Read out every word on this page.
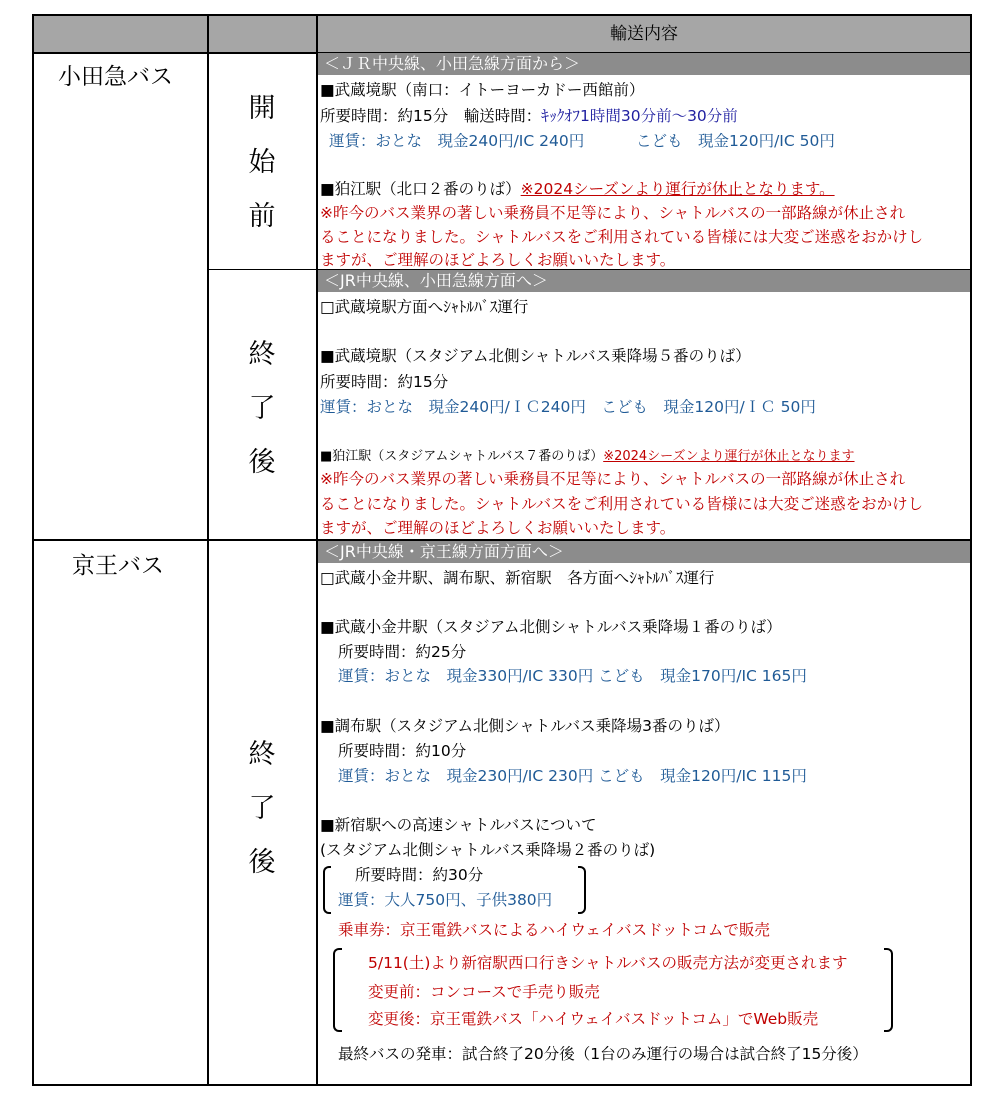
輸送内容
小田急バス
京王バス
開
始
前
終
了
後
終
了
後
＜ＪＲ中央線、小田急線方面から＞
■武蔵境駅（南口：イトーヨーカドー西館前）
所要時間：約15分　輸送時間：ｷｯｸｵﾌ1時間30分前〜30分前
運賃：おとな　現金240円/IC 240円	こども　現金120円/IC 50円
■狛江駅（北口２番のりば）※2024シーズンより運行が休止となります。
※昨今のバス業界の著しい乗務員不足等により、シャトルバスの一部路線が休止され
ることになりました。シャトルバスをご利用されている皆様には大変ご迷惑をおかけし
ますが、ご理解のほどよろしくお願いいたします。
＜JR中央線、小田急線方面へ＞
□武蔵境駅方面へｼｬﾄﾙﾊﾞｽ運行
■武蔵境駅（スタジアム北側シャトルバス乗降場５番のりば）
所要時間：約15分
運賃：おとな　現金240円/ＩＣ240円　こども　現金120円/ＩＣ 50円
■狛江駅（スタジアムシャトルバス７番のりば）※2024シーズンより運行が休止となります
※昨今のバス業界の著しい乗務員不足等により、シャトルバスの一部路線が休止され
ることになりました。シャトルバスをご利用されている皆様には大変ご迷惑をおかけし
ますが、ご理解のほどよろしくお願いいたします。
＜JR中央線・京王線方面方面へ＞
□武蔵小金井駅、調布駅、新宿駅　各方面へｼｬﾄﾙﾊﾞｽ運行
■武蔵小金井駅（スタジアム北側シャトルバス乗降場１番のりば）
所要時間：約25分
運賃：おとな　現金330円/IC 330円 こども　現金170円/IC 165円
■調布駅（スタジアム北側シャトルバス乗降場3番のりば）
所要時間：約10分
運賃：おとな　現金230円/IC 230円 こども　現金120円/IC 115円
■新宿駅への高速シャトルバスについて
(スタジアム北側シャトルバス乗降場２番のりば)
所要時間：約30分
運賃：大人750円、子供380円
乗車券：京王電鉄バスによるハイウェイバスドットコムで販売
5/11(土)より新宿駅西口行きシャトルバスの販売方法が変更されます
変更前：コンコースで手売り販売
変更後：京王電鉄バス「ハイウェイバスドットコム」でWeb販売
最終バスの発車：試合終了20分後（1台のみ運行の場合は試合終了15分後）
